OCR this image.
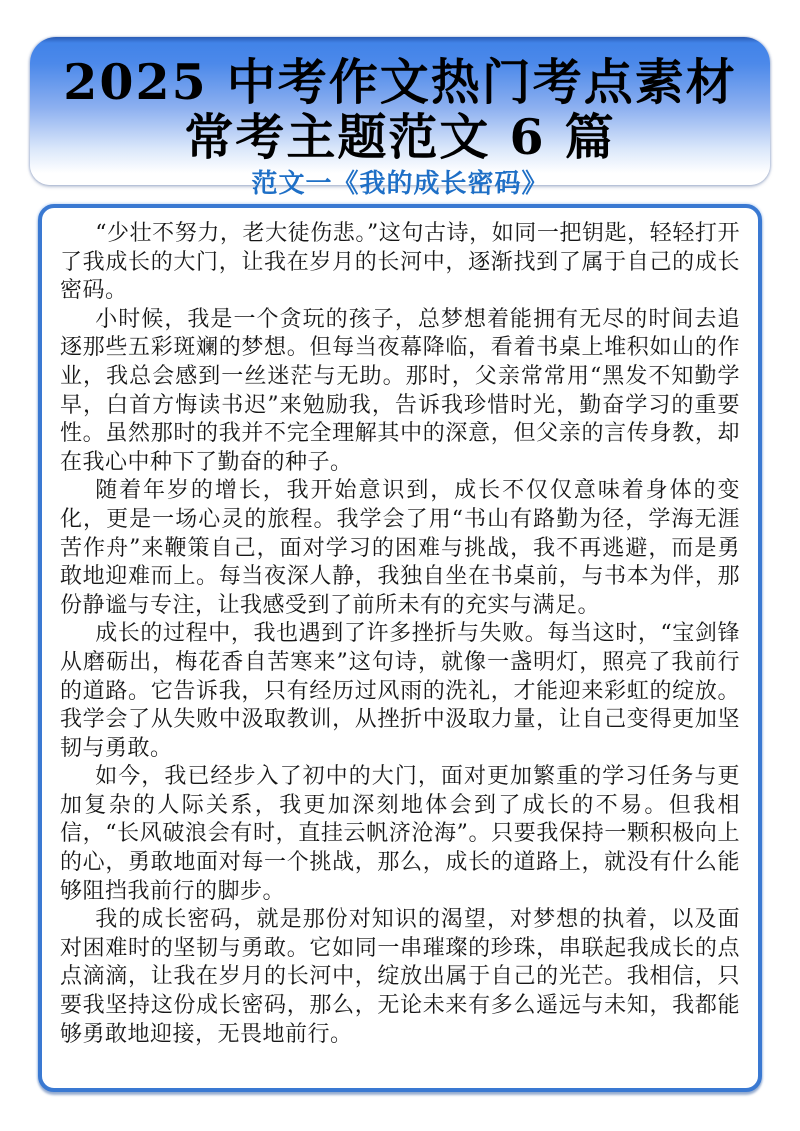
2025 中考作文热门考点素材
常考主题范文 6 篇
范文一《我的成长密码》

“少壮不努力，老大徒伤悲。”这句古诗，如同一把钥匙，轻轻打开了我成长的大门，让我在岁月的长河中，逐渐找到了属于自己的成长密码。

小时候，我是一个贪玩的孩子，总梦想着能拥有无尽的时间去追逐那些五彩斑斓的梦想。但每当夜幕降临，看着书桌上堆积如山的作业，我总会感到一丝迷茫与无助。那时，父亲常常用“黑发不知勤学早，白首方悔读书迟”来勉励我，告诉我珍惜时光，勤奋学习的重要性。虽然那时的我并不完全理解其中的深意，但父亲的言传身教，却在我心中种下了勤奋的种子。

随着年岁的增长，我开始意识到，成长不仅仅意味着身体的变化，更是一场心灵的旅程。我学会了用“书山有路勤为径，学海无涯苦作舟”来鞭策自己，面对学习的困难与挑战，我不再逃避，而是勇敢地迎难而上。每当夜深人静，我独自坐在书桌前，与书本为伴，那份静谧与专注，让我感受到了前所未有的充实与满足。

成长的过程中，我也遇到了许多挫折与失败。每当这时，“宝剑锋从磨砺出，梅花香自苦寒来”这句诗，就像一盏明灯，照亮了我前行的道路。它告诉我，只有经历过风雨的洗礼，才能迎来彩虹的绽放。我学会了从失败中汲取教训，从挫折中汲取力量，让自己变得更加坚韧与勇敢。

如今，我已经步入了初中的大门，面对更加繁重的学习任务与更加复杂的人际关系，我更加深刻地体会到了成长的不易。但我相信，“长风破浪会有时，直挂云帆济沧海”。只要我保持一颗积极向上的心，勇敢地面对每一个挑战，那么，成长的道路上，就没有什么能够阻挡我前行的脚步。

我的成长密码，就是那份对知识的渴望，对梦想的执着，以及面对困难时的坚韧与勇敢。它如同一串璀璨的珍珠，串联起我成长的点点滴滴，让我在岁月的长河中，绽放出属于自己的光芒。我相信，只要我坚持这份成长密码，那么，无论未来有多么遥远与未知，我都能够勇敢地迎接，无畏地前行。
